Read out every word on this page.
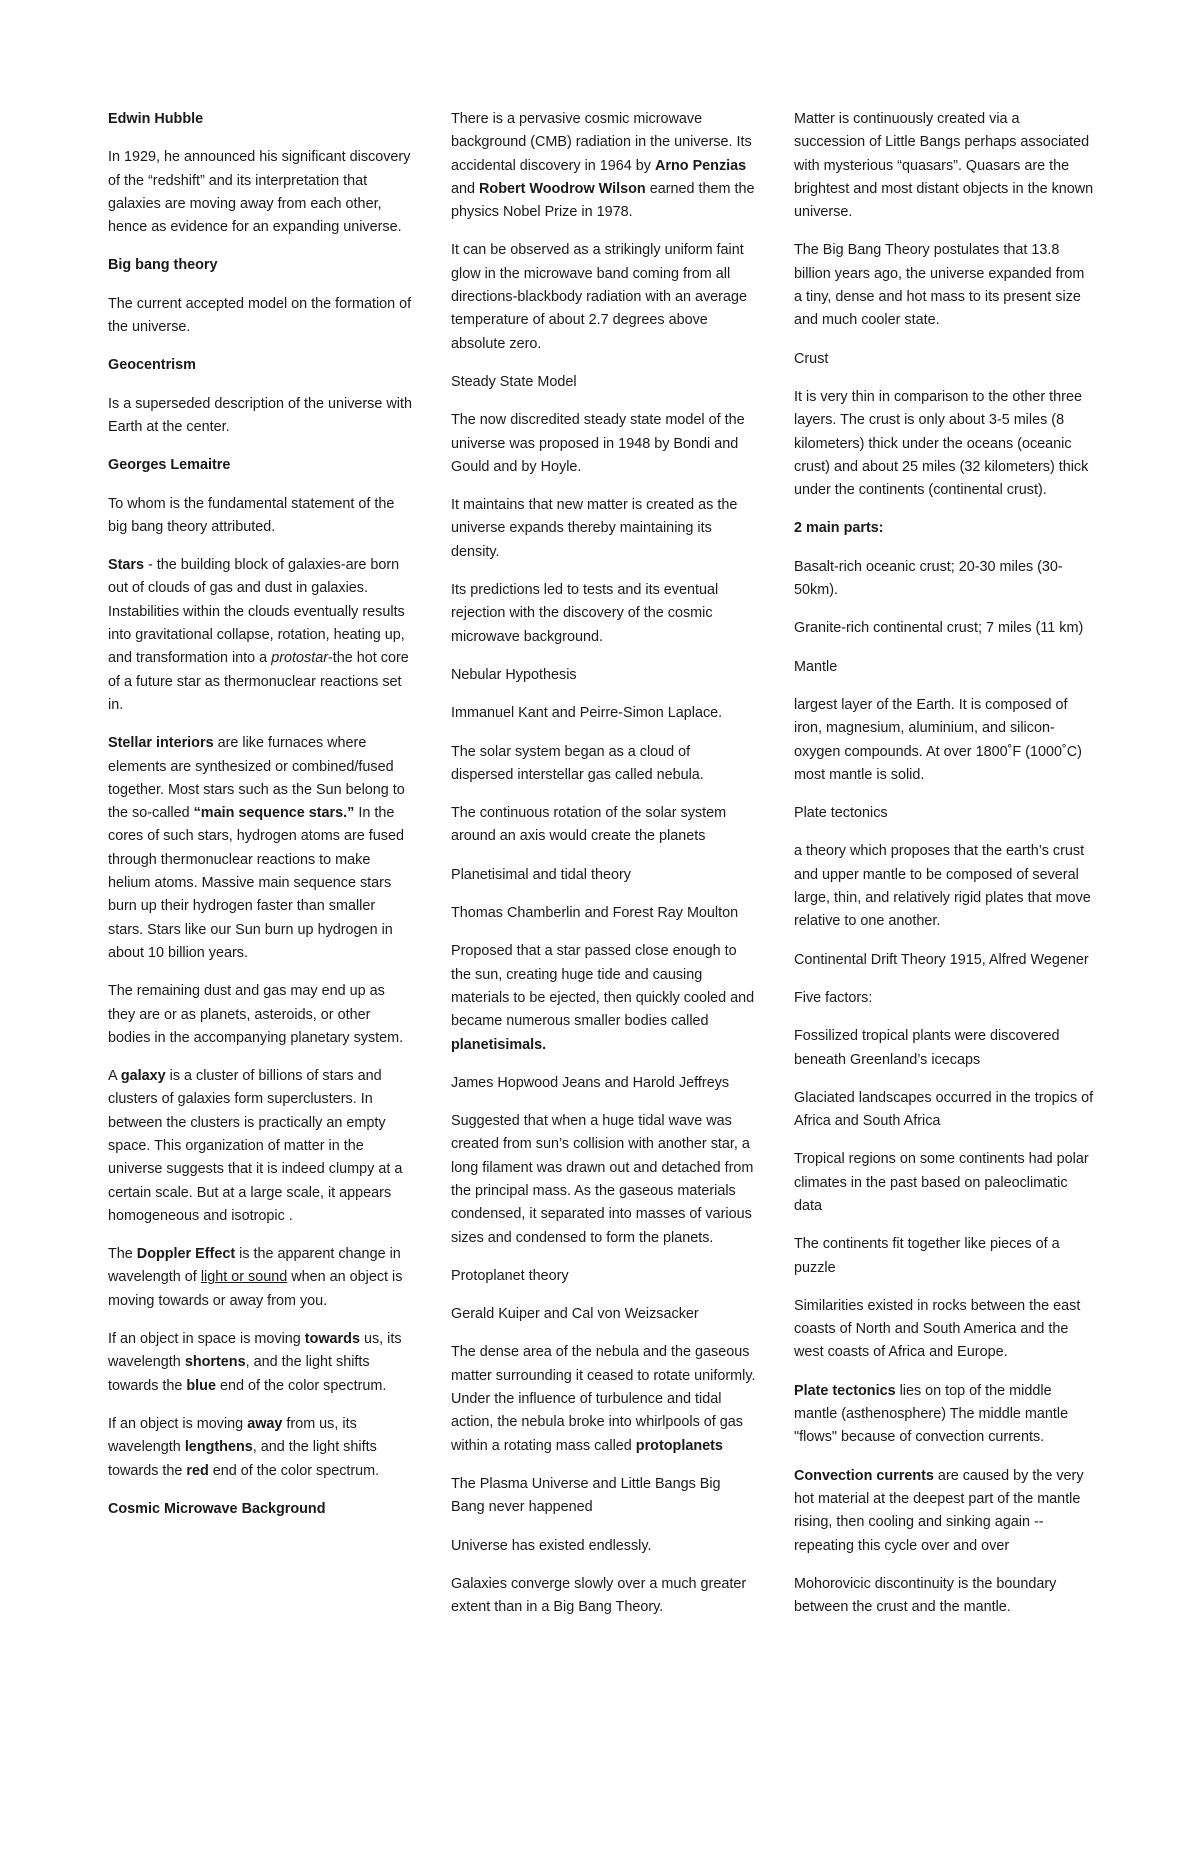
Edwin Hubble

In 1929, he announced his significant discovery of the “redshift” and its interpretation that galaxies are moving away from each other, hence as evidence for an expanding universe.

Big bang theory

The current accepted model on the formation of the universe.

Geocentrism

Is a superseded description of the universe with Earth at the center.

Georges Lemaitre

To whom is the fundamental statement of the big bang theory attributed.

Stars - the building block of galaxies-are born out of clouds of gas and dust in galaxies. Instabilities within the clouds eventually results into gravitational collapse, rotation, heating up, and transformation into a protostar-the hot core of a future star as thermonuclear reactions set in.

Stellar interiors are like furnaces where elements are synthesized or combined/fused together. Most stars such as the Sun belong to the so-called “main sequence stars.” In the cores of such stars, hydrogen atoms are fused through thermonuclear reactions to make helium atoms. Massive main sequence stars burn up their hydrogen faster than smaller stars. Stars like our Sun burn up hydrogen in about 10 billion years.

The remaining dust and gas may end up as they are or as planets, asteroids, or other bodies in the accompanying planetary system.

A galaxy is a cluster of billions of stars and clusters of galaxies form superclusters. In between the clusters is practically an empty space. This organization of matter in the universe suggests that it is indeed clumpy at a certain scale. But at a large scale, it appears homogeneous and isotropic .

The Doppler Effect is the apparent change in wavelength of light or sound when an object is moving towards or away from you.

If an object in space is moving towards us, its wavelength shortens, and the light shifts towards the blue end of the color spectrum.

If an object is moving away from us, its wavelength lengthens, and the light shifts towards the red end of the color spectrum.

Cosmic Microwave Background

There is a pervasive cosmic microwave background (CMB) radiation in the universe. Its accidental discovery in 1964 by Arno Penzias and Robert Woodrow Wilson earned them the physics Nobel Prize in 1978.

It can be observed as a strikingly uniform faint glow in the microwave band coming from all directions-blackbody radiation with an average temperature of about 2.7 degrees above absolute zero.

Steady State Model

The now discredited steady state model of the universe was proposed in 1948 by Bondi and Gould and by Hoyle.

It maintains that new matter is created as the universe expands thereby maintaining its density.

Its predictions led to tests and its eventual rejection with the discovery of the cosmic microwave background.

Nebular Hypothesis

Immanuel Kant and Peirre-Simon Laplace.

The solar system began as a cloud of dispersed interstellar gas called nebula.

The continuous rotation of the solar system around an axis would create the planets

Planetisimal and tidal theory

Thomas Chamberlin and Forest Ray Moulton

Proposed that a star passed close enough to the sun, creating huge tide and causing materials to be ejected, then quickly cooled and became numerous smaller bodies called planetisimals.

James Hopwood Jeans and Harold Jeffreys

Suggested that when a huge tidal wave was created from sun’s collision with another star, a long filament was drawn out and detached from the principal mass. As the gaseous materials condensed, it separated into masses of various sizes and condensed to form the planets.

Protoplanet theory

Gerald Kuiper and Cal von Weizsacker

The dense area of the nebula and the gaseous matter surrounding it ceased to rotate uniformly. Under the influence of turbulence and tidal action, the nebula broke into whirlpools of gas within a rotating mass called protoplanets

The Plasma Universe and Little Bangs Big Bang never happened

Universe has existed endlessly.

Galaxies converge slowly over a much greater extent than in a Big Bang Theory.

Matter is continuously created via a succession of Little Bangs perhaps associated with mysterious “quasars”. Quasars are the brightest and most distant objects in the known universe.

The Big Bang Theory postulates that 13.8 billion years ago, the universe expanded from a tiny, dense and hot mass to its present size and much cooler state.

Crust

It is very thin in comparison to the other three layers. The crust is only about 3-5 miles (8 kilometers) thick under the oceans (oceanic crust) and about 25 miles (32 kilometers) thick under the continents (continental crust).

2 main parts:

Basalt-rich oceanic crust; 20-30 miles (30-50km).

Granite-rich continental crust; 7 miles (11 km)

Mantle

largest layer of the Earth. It is composed of iron, magnesium, aluminium, and silicon-oxygen compounds. At over 1800˚F (1000˚C) most mantle is solid.

Plate tectonics

a theory which proposes that the earth’s crust and upper mantle to be composed of several large, thin, and relatively rigid plates that move relative to one another.

Continental Drift Theory 1915, Alfred Wegener

Five factors:

Fossilized tropical plants were discovered beneath Greenland’s icecaps

Glaciated landscapes occurred in the tropics of Africa and South Africa

Tropical regions on some continents had polar climates in the past based on paleoclimatic data

The continents fit together like pieces of a puzzle

Similarities existed in rocks between the east coasts of North and South America and the west coasts of Africa and Europe.

Plate tectonics lies on top of the middle mantle (asthenosphere) The middle mantle "flows" because of convection currents.

Convection currents are caused by the very hot material at the deepest part of the mantle rising, then cooling and sinking again --repeating this cycle over and over

Mohorovicic discontinuity is the boundary between the crust and the mantle.
